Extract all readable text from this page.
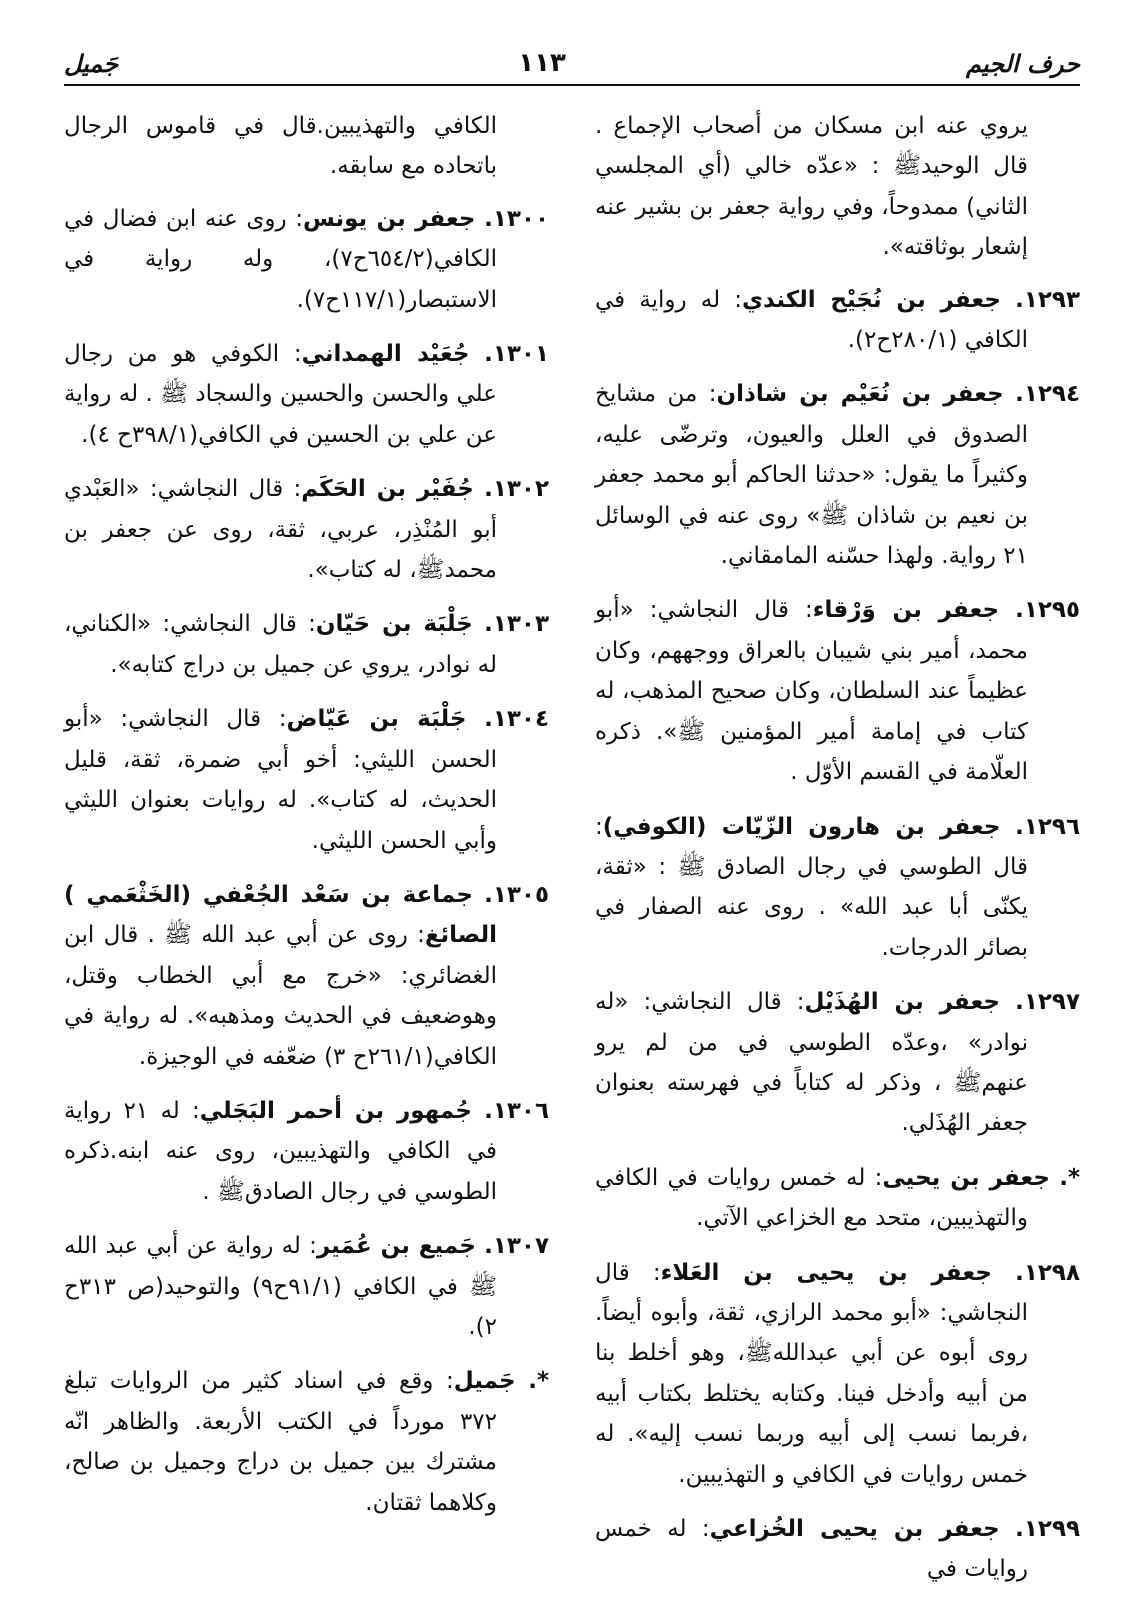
حرف الجيم
١١٣
جَميل

يروي عنه ابن مسكان من أصحاب الإجماع . قال الوحيدﷺ : «عدّه خالي (أي المجلسي الثاني) ممدوحاً، وفي رواية جعفر بن بشير عنه إشعار بوثاقته».

١٢٩٣. جعفر بن نُجَيْح الكندي: له رواية في الكافي (٢٨٠/١ح٢).

١٢٩٤. جعفر بن نُعَيْم بن شاذان: من مشايخ الصدوق في العلل والعيون، وترضّى عليه، وكثيراً ما يقول: «حدثنا الحاكم أبو محمد جعفر بن نعيم بن شاذان ﷺ» روى عنه في الوسائل ٢١ رواية. ولهذا حسّنه المامقاني.

١٢٩٥. جعفر بن وَرْقاء: قال النجاشي: «أبو محمد، أمير بني شيبان بالعراق ووجههم، وكان عظيماً عند السلطان، وكان صحيح المذهب، له كتاب في إمامة أمير المؤمنين ﷺ». ذكره العلّامة في القسم الأوّل .

١٢٩٦. جعفر بن هارون الزّيّات (الكوفي): قال الطوسي في رجال الصادق ﷺ : «ثقة، يكنّى أبا عبد الله» . روى عنه الصفار في بصائر الدرجات.

١٢٩٧. جعفر بن الهُذَيْل: قال النجاشي: «له نوادر» ،وعدّه الطوسي في من لم يرو عنهمﷺ ، وذكر له كتاباً في فهرسته بعنوان جعفر الهُذَلي.

*. جعفر بن يحيى: له خمس روايات في الكافي والتهذيبين، متحد مع الخزاعي الآتي.

١٢٩٨. جعفر بن يحيى بن العَلاء: قال النجاشي: «أبو محمد الرازي، ثقة، وأبوه أيضاً. روى أبوه عن أبي عبداللهﷺ، وهو أخلط بنا من أبيه وأدخل فينا. وكتابه يختلط بكتاب أبيه ،فربما نسب إلى أبيه وربما نسب إليه». له خمس روايات في الكافي و التهذيبين.

١٢٩٩. جعفر بن يحيى الخُزاعي: له خمس روايات في

الكافي والتهذيبين.قال في قاموس الرجال باتحاده مع سابقه.

١٣٠٠. جعفر بن يونس: روى عنه ابن فضال في الكافي(٦٥٤/٢ح٧)، وله رواية في الاستبصار(١١٧/١ح٧).

١٣٠١. جُعَيْد الهمداني: الكوفي هو من رجال علي والحسن والحسين والسجاد ﷺ . له رواية عن علي بن الحسين في الكافي(٣٩٨/١ح ٤).

١٣٠٢. جُفَيْر بن الحَكَم: قال النجاشي: «العَبْدي أبو المُنْذِر، عربي، ثقة، روى عن جعفر بن محمدﷺ، له كتاب».

١٣٠٣. جَلْبَة بن حَيّان: قال النجاشي: «الكناني، له نوادر، يروي عن جميل بن دراج كتابه».

١٣٠٤. جَلْبَة بن عَيّاض: قال النجاشي: «أبو الحسن الليثي: أخو أبي ضمرة، ثقة، قليل الحديث، له كتاب». له روايات بعنوان الليثي وأبي الحسن الليثي.

١٣٠٥. جماعة بن سَعْد الجُعْفي (الخَثْعَمي ) الصائغ: روى عن أبي عبد الله ﷺ . قال ابن الغضائري: «خرج مع أبي الخطاب وقتل، وهوضعيف في الحديث ومذهبه». له رواية في الكافي(٢٦١/١ح ٣) ضعّفه في الوجيزة.

١٣٠٦. جُمهور بن أحمر البَجَلي: له ٢١ رواية في الكافي والتهذيبين، روى عنه ابنه.ذكره الطوسي في رجال الصادقﷺ .

١٣٠٧. جَميع بن عُمَير: له رواية عن أبي عبد الله ﷺ في الكافي (٩١/١ح٩) والتوحيد(ص ٣١٣ح ٢).

*. جَميل: وقع في اسناد كثير من الروايات تبلغ ٣٧٢ مورداً في الكتب الأربعة. والظاهر انّه مشترك بين جميل بن دراج وجميل بن صالح، وكلاهما ثقتان.
